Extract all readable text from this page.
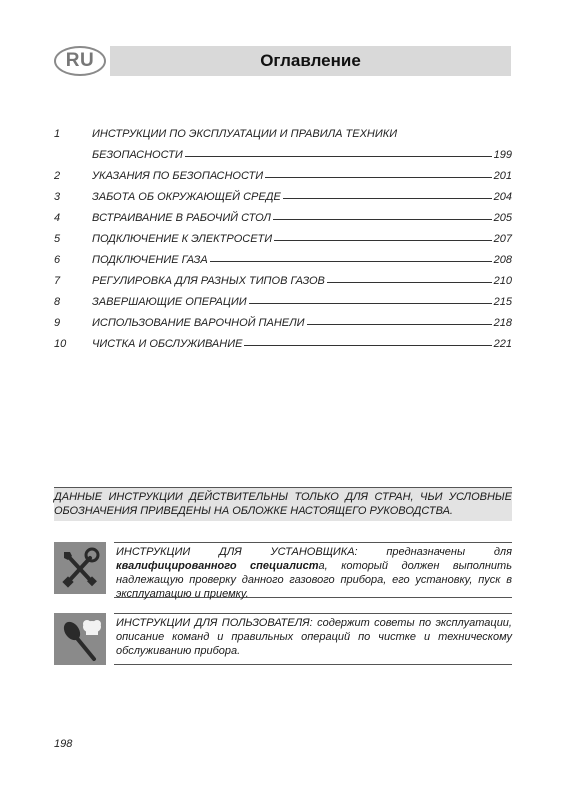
RU	Оглавление
1	ИНСТРУКЦИИ ПО ЭКСПЛУАТАЦИИ И ПРАВИЛА ТЕХНИКИ
БЕЗОПАСНОСТИ	199
2	УКАЗАНИЯ ПО БЕЗОПАСНОСТИ	201
3	ЗАБОТА ОБ ОКРУЖАЮЩЕЙ СРЕДЕ	204
4	ВСТРАИВАНИЕ В РАБОЧИЙ СТОЛ	205
5	ПОДКЛЮЧЕНИЕ К ЭЛЕКТРОСЕТИ	207
6	ПОДКЛЮЧЕНИЕ ГАЗА	208
7	РЕГУЛИРОВКА ДЛЯ РАЗНЫХ ТИПОВ ГАЗОВ	210
8	ЗАВЕРШАЮЩИЕ ОПЕРАЦИИ	215
9	ИСПОЛЬЗОВАНИЕ ВАРОЧНОЙ ПАНЕЛИ	218
10	ЧИСТКА И ОБСЛУЖИВАНИЕ	221
ДАННЫЕ ИНСТРУКЦИИ ДЕЙСТВИТЕЛЬНЫ ТОЛЬКО ДЛЯ СТРАН, ЧЬИ УСЛОВНЫЕ ОБОЗНАЧЕНИЯ ПРИВЕДЕНЫ НА ОБЛОЖКЕ НАСТОЯЩЕГО РУКОВОДСТВА.
ИНСТРУКЦИИ ДЛЯ УСТАНОВЩИКА: предназначены для квалифицированного специалиста, который должен выполнить надлежащую проверку данного газового прибора, его установку, пуск в эксплуатацию и приемку.
ИНСТРУКЦИИ ДЛЯ ПОЛЬЗОВАТЕЛЯ: содержит советы по эксплуатации, описание команд и правильных операций по чистке и техническому обслуживанию прибора.
198
